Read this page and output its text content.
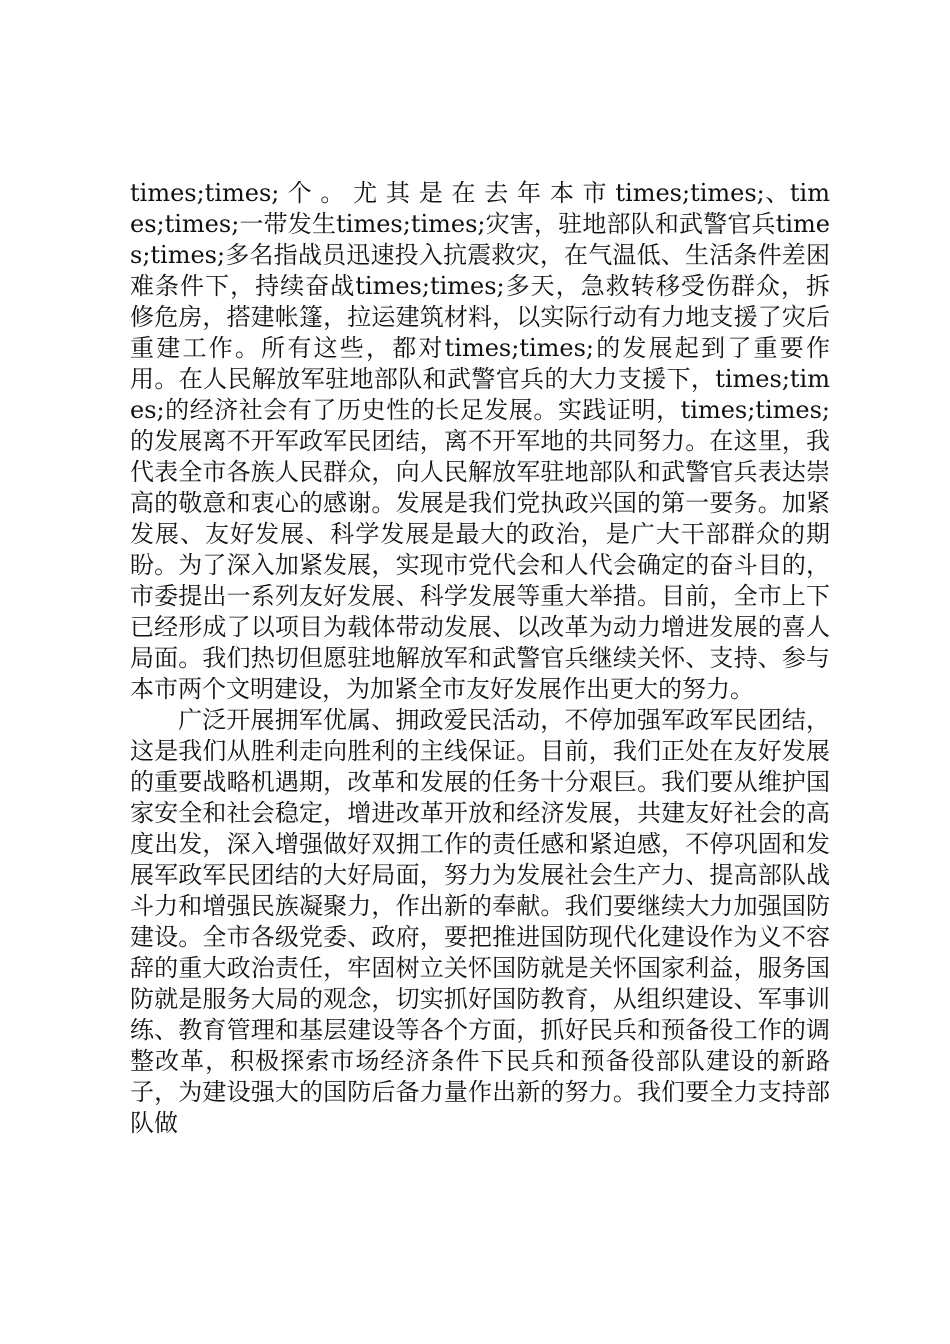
times;times; 个 。 尤 其 是 在 去 年 本 市 times;times;、times;times;一带发生times;times;灾害，驻地部队和武警官兵times;times;多名指战员迅速投入抗震救灾，在气温低、生活条件差困难条件下，持续奋战times;times;多天，急救转移受伤群众，拆修危房，搭建帐篷，拉运建筑材料，以实际行动有力地支援了灾后重建工作。所有这些，都对times;times;的发展起到了重要作用。在人民解放军驻地部队和武警官兵的大力支援下，times;times;的经济社会有了历史性的长足发展。实践证明，times;times;的发展离不开军政军民团结，离不开军地的共同努力。在这里，我代表全市各族人民群众，向人民解放军驻地部队和武警官兵表达崇高的敬意和衷心的感谢。发展是我们党执政兴国的第一要务。加紧发展、友好发展、科学发展是最大的政治，是广大干部群众的期盼。为了深入加紧发展，实现市党代会和人代会确定的奋斗目的，市委提出一系列友好发展、科学发展等重大举措。目前，全市上下已经形成了以项目为载体带动发展、以改革为动力增进发展的喜人局面。我们热切但愿驻地解放军和武警官兵继续关怀、支持、参与本市两个文明建设，为加紧全市友好发展作出更大的努力。

广泛开展拥军优属、拥政爱民活动，不停加强军政军民团结，这是我们从胜利走向胜利的主线保证。目前，我们正处在友好发展的重要战略机遇期，改革和发展的任务十分艰巨。我们要从维护国家安全和社会稳定，增进改革开放和经济发展，共建友好社会的高度出发，深入增强做好双拥工作的责任感和紧迫感，不停巩固和发展军政军民团结的大好局面，努力为发展社会生产力、提高部队战斗力和增强民族凝聚力，作出新的奉献。我们要继续大力加强国防建设。全市各级党委、政府，要把推进国防现代化建设作为义不容辞的重大政治责任，牢固树立关怀国防就是关怀国家利益，服务国防就是服务大局的观念，切实抓好国防教育，从组织建设、军事训练、教育管理和基层建设等各个方面，抓好民兵和预备役工作的调整改革，积极探索市场经济条件下民兵和预备役部队建设的新路子，为建设强大的国防后备力量作出新的努力。我们要全力支持部队做
